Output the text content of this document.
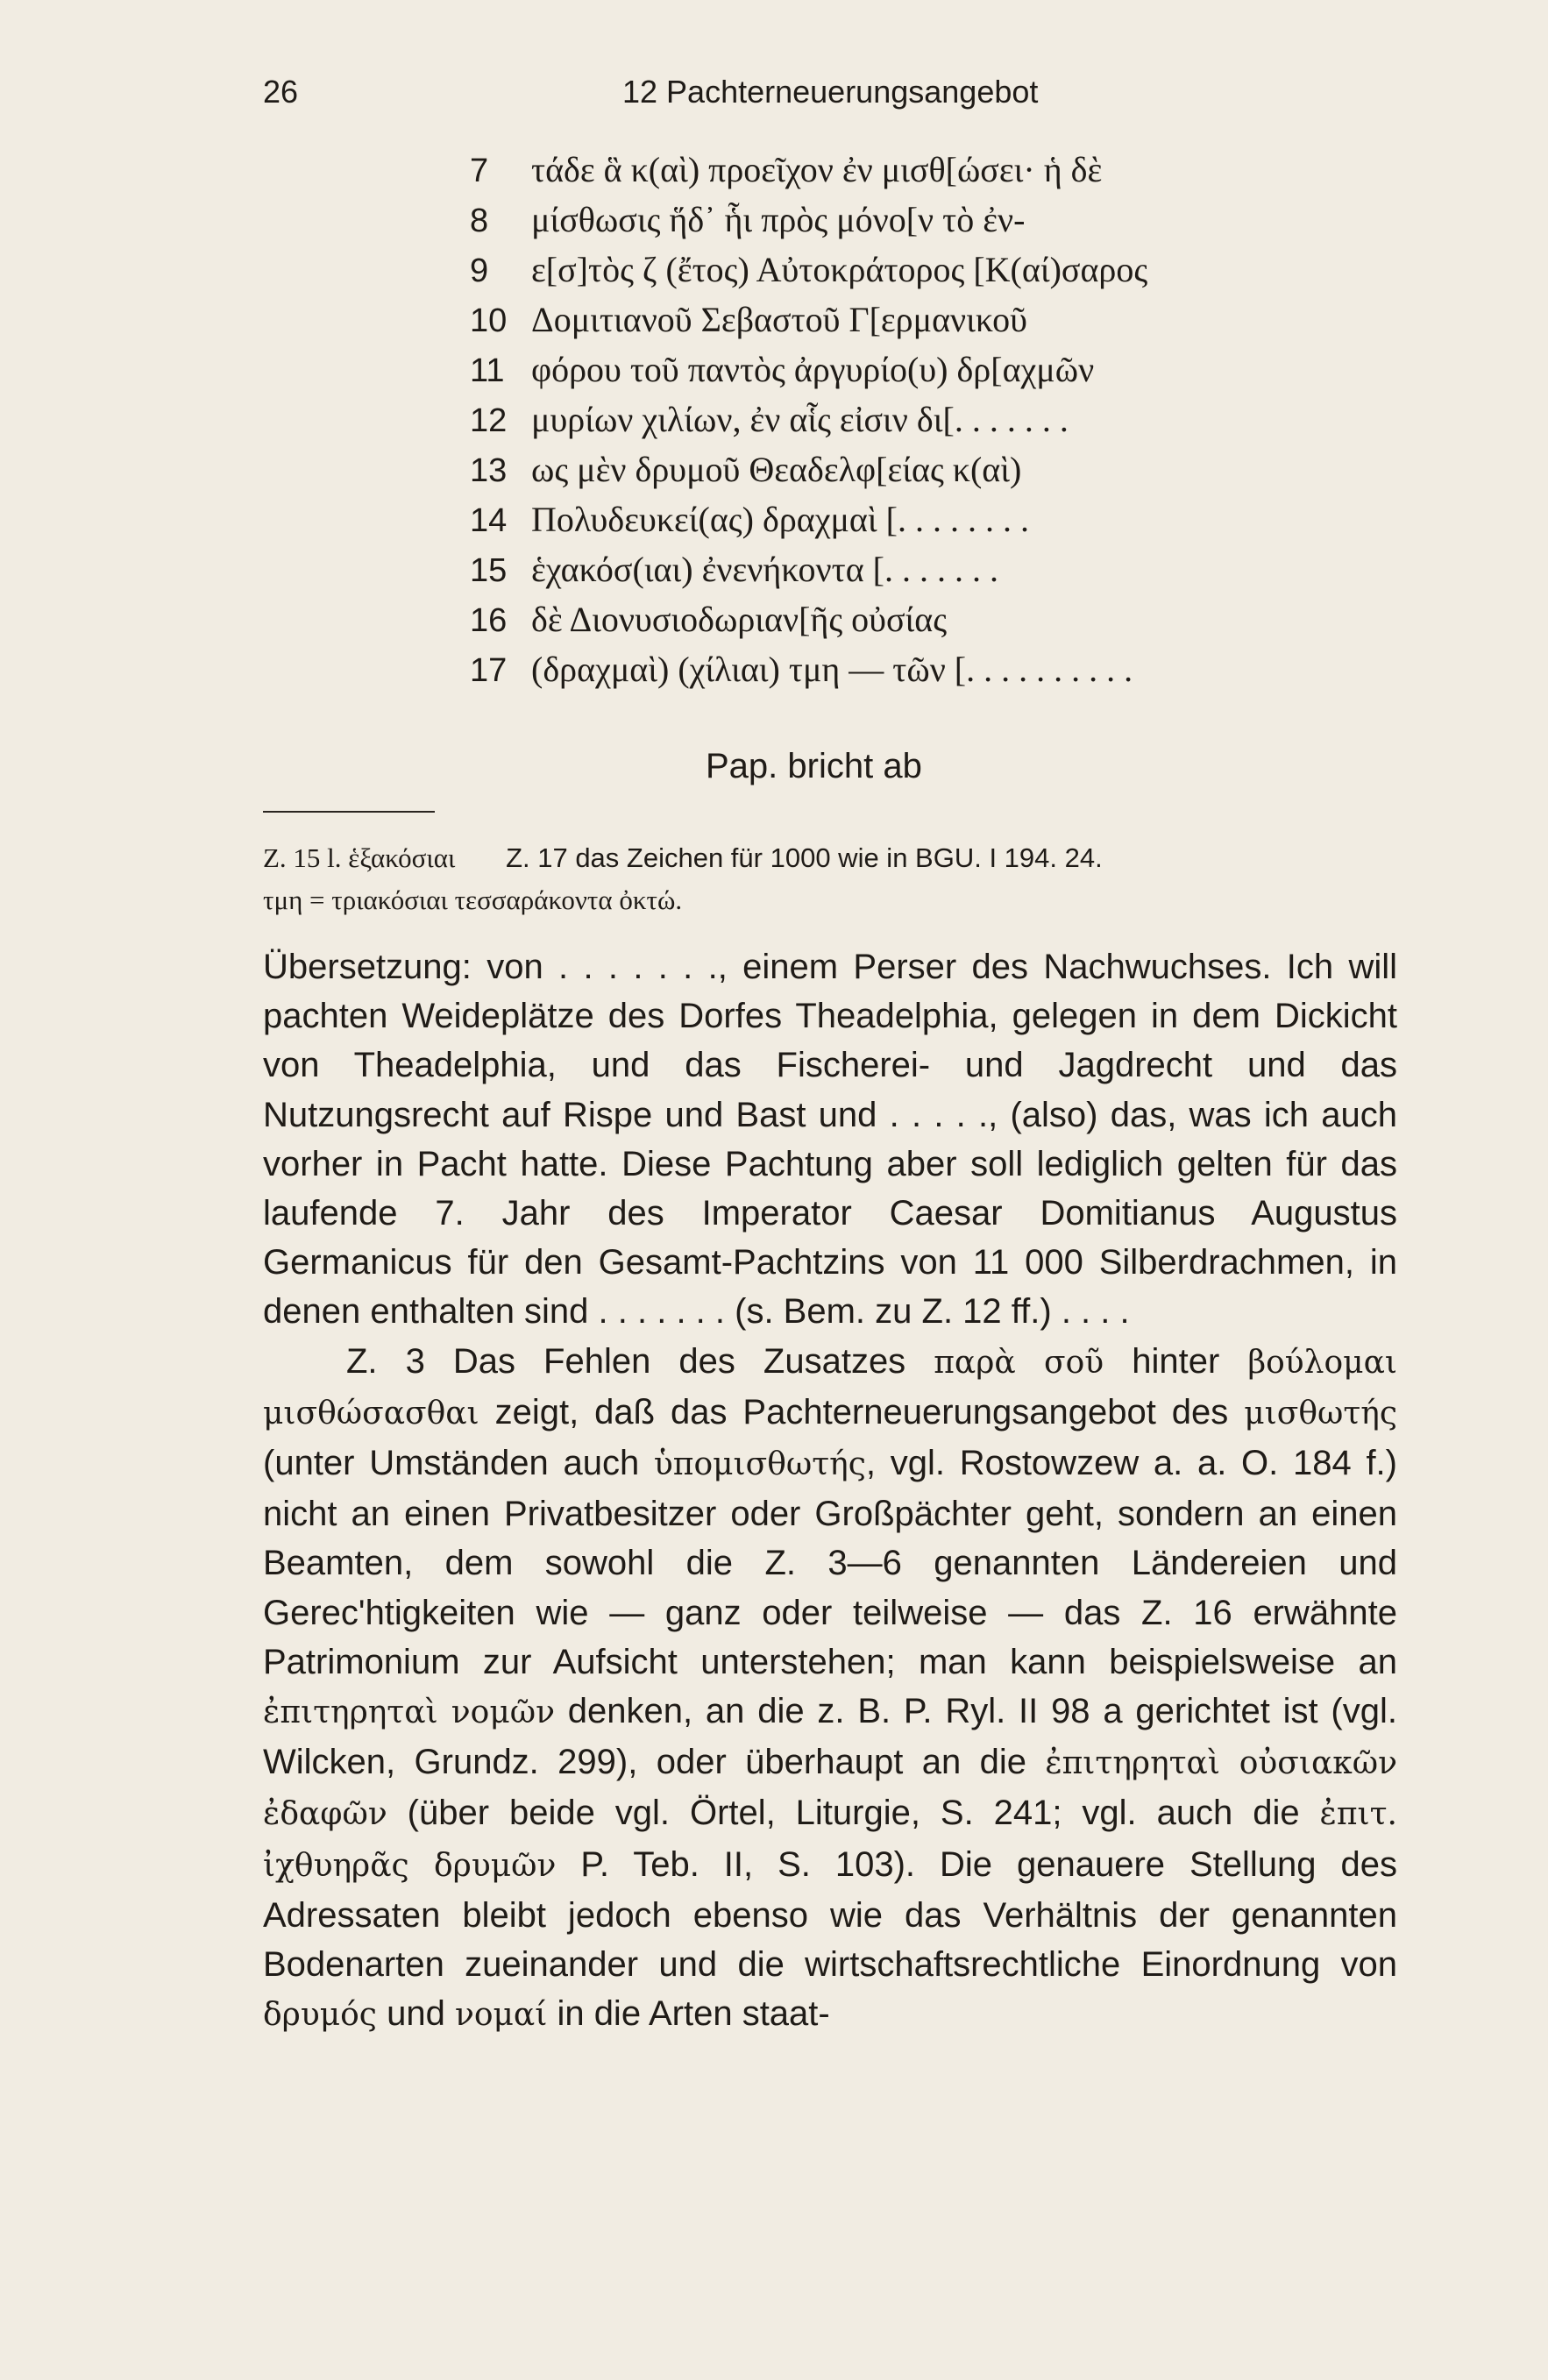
26	12 Pachterneuerungsangebot
7	τάδε ἃ κ(αὶ) προεῖχον ἐν μισθ[ώσει· ἡ δὲ
8	μίσθωσις ἥδ᾽ ἧι πρὸς μόνο[ν τὸ ἐν-
9	ε[σ]τὸς ζ (ἔτος) Αὐτοκράτορος [Κ(αί)σαρος
10 Δομιτιανοῦ Σεβαστοῦ Γ[ερμανικοῦ
11 φόρου τοῦ παντὸς ἀργυρίο(υ) δρ[αχμῶν
12 μυρίων χιλίων, ἐν αἷς εἰσιν δι[. . . . . . .
13 ως μὲν δρυμοῦ Θεαδελφ[είας κ(αὶ)
14 Πολυδευκεί(ας) δραχμαὶ [. . . . . . . .
15 ἑχακόσ(ιαι) ἐνενήκοντα [. . . . . . .
16 δὲ Διονυσιοδωριαν[ῆς οὐσίας
17 (δραχμαὶ) (χίλιαι) τμη — τῶν [. . . . . . . . . .
Pap. bricht ab
Z. 15 l. ἑξακόσιαι Z. 17 das Zeichen für 1000 wie in BGU. I 194. 24.
τμη = τριακόσιαι τεσσαράκοντα ὀκτώ.

Übersetzung: von . . . . . . ., einem Perser des Nachwuchses. Ich will pachten Weideplätze des Dorfes Theadelphia, gelegen in dem Dickicht von Theadelphia, und das Fischerei- und Jagdrecht und das Nutzungsrecht auf Rispe und Bast und . . . . ., (also) das, was ich auch vorher in Pacht hatte. Diese Pachtung aber soll lediglich gelten für das laufende 7. Jahr des Imperator Caesar Domitianus Augustus Germanicus für den Gesamt-Pachtzins von 11 000 Silberdrachmen, in denen enthalten sind . . . . . . . (s. Bem. zu Z. 12 ff.) . . . .

Z. 3 Das Fehlen des Zusatzes παρὰ σοῦ hinter βούλομαι μισθώσασθαι zeigt, daß das Pachterneuerungsangebot des μισθωτής (unter Umständen auch ὑπομισθωτής, vgl. Rostowzew a. a. O. 184 f.) nicht an einen Privatbesitzer oder Großpächter geht, sondern an einen Beamten, dem sowohl die Z. 3—6 genannten Ländereien und Gerec'htigkeiten wie — ganz oder teilweise — das Z. 16 erwähnte Patrimonium zur Aufsicht unterstehen; man kann beispielsweise an ἐπιτηρηταὶ νομῶν denken, an die z. B. P. Ryl. II 98 a gerichtet ist (vgl. Wilcken, Grundz. 299), oder überhaupt an die ἐπιτηρηταὶ οὐσιακῶν ἐδαφῶν (über beide vgl. Örtel, Liturgie, S. 241; vgl. auch die ἐπιτ. ἰχθυηρᾶς δρυμῶν P. Teb. II, S. 103). Die genauere Stellung des Adressaten bleibt jedoch ebenso wie das Verhältnis der genannten Bodenarten zueinander und die wirtschaftsrechtliche Einordnung von δρυμός und νομαί in die Arten staat-
